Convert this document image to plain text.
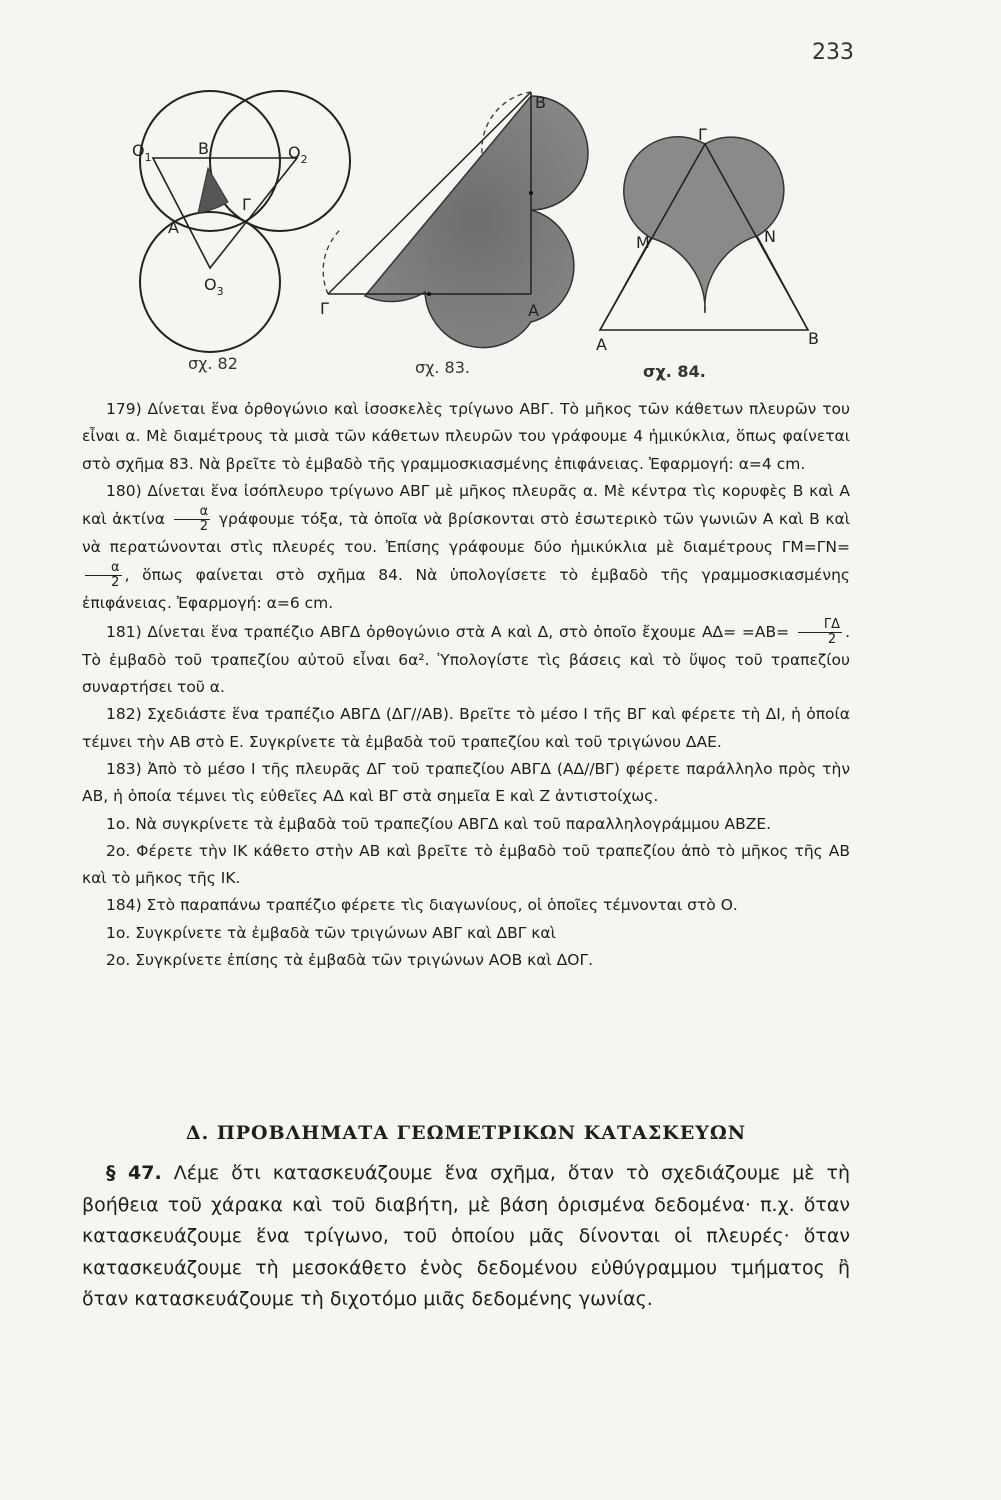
233
$O_1$	$O_2$
$O_3$
B
Γ
A
B
Γ	A
Γ
M	N
A	B
σχ. 82	σχ. 83.	σχ. 84.

179) Δίνεται ἕνα ὀρθογώνιο καὶ ἰσοσκελὲς τρίγωνο ΑΒΓ. Τὸ μῆκος τῶν κάθετων πλευρῶν του εἶναι α. Μὲ διαμέτρους τὰ μισὰ τῶν κάθετων πλευρῶν του γράφουμε 4 ἡμικύκλια, ὅπως φαίνεται στὸ σχῆμα 83. Νὰ βρεῖτε τὸ ἐμβαδὸ τῆς γραμμοσκιασμένης ἐπιφάνειας. Ἐφαρμογή: α=4 cm.

180) Δίνεται ἕνα ἰσόπλευρο τρίγωνο ΑΒΓ μὲ μῆκος πλευρᾶς α. Μὲ κέντρα τὶς κορυφὲς Β καὶ Α καὶ ἀκτίνα $\frac{\alpha}{2}$ γράφουμε τόξα, τὰ ὁποῖα νὰ βρίσκονται στὸ ἐσωτερικὸ τῶν γωνιῶν Α καὶ Β καὶ νὰ περατώνονται στὶς πλευρές του. Ἐπίσης γράφουμε δύο ἡμικύκλια μὲ διαμέτρους ΓΜ=ΓΝ=
$\frac{\alpha}{2}$ , ὅπως φαίνεται στὸ σχῆμα 84. Νὰ ὑπολογίσετε τὸ ἐμβαδὸ τῆς γραμμοσκιασμένης ἐπιφάνειας. Ἐφαρμογή: α=6 cm.

181) Δίνεται ἕνα τραπέζιο ΑΒΓΔ ὀρθογώνιο στὰ Α καὶ Δ, στὸ ὁποῖο ἔχουμε $A\Delta= =AB= \frac{\Gamma\Delta}{2}$ . Τὸ ἐμβαδὸ τοῦ τραπεζίου αὐτοῦ εἶναι 6α². Ὑπολογίστε τὶς βάσεις καὶ τὸ ὕψος τοῦ τραπεζίου συναρτήσει τοῦ α.

182) Σχεδιάστε ἕνα τραπέζιο ΑΒΓΔ (ΔΓ//ΑΒ). Βρεῖτε τὸ μέσο Ι τῆς ΒΓ καὶ φέρετε τὴ ΔΙ, ἡ ὁποία τέμνει τὴν ΑΒ στὸ Ε. Συγκρίνετε τὰ ἐμβαδὰ τοῦ τραπεζίου καὶ τοῦ τριγώνου ΔΑΕ.

183) Ἀπὸ τὸ μέσο Ι τῆς πλευρᾶς ΔΓ τοῦ τραπεζίου ΑΒΓΔ (ΑΔ//ΒΓ) φέρετε παράλληλο πρὸς τὴν ΑΒ, ἡ ὁποία τέμνει τὶς εὐθεῖες ΑΔ καὶ ΒΓ στὰ σημεῖα Ε καὶ Ζ ἀντιστοίχως.

1ο. Νὰ συγκρίνετε τὰ ἐμβαδὰ τοῦ τραπεζίου ΑΒΓΔ καὶ τοῦ παραλληλογράμμου ΑΒΖΕ.

2ο. Φέρετε τὴν ΙΚ κάθετο στὴν ΑΒ καὶ βρεῖτε τὸ ἐμβαδὸ τοῦ τραπεζίου ἀπὸ τὸ μῆκος τῆς ΑΒ καὶ τὸ μῆκος τῆς ΙΚ.

184) Στὸ παραπάνω τραπέζιο φέρετε τὶς διαγωνίους, οἱ ὁποῖες τέμνονται στὸ Ο.

1ο. Συγκρίνετε τὰ ἐμβαδὰ τῶν τριγώνων ΑΒΓ καὶ ΔΒΓ καὶ

2ο. Συγκρίνετε ἐπίσης τὰ ἐμβαδὰ τῶν τριγώνων ΑΟΒ καὶ ΔΟΓ.

Δ. ΠΡΟΒΛΗΜΑΤΑ ΓΕΩΜΕΤΡΙΚΩΝ ΚΑΤΑΣΚΕΥΩΝ

§ 47. Λέμε ὅτι κατασκευάζουμε ἕνα σχῆμα, ὅταν τὸ σχεδιάζουμε μὲ τὴ βοήθεια τοῦ χάρακα καὶ τοῦ διαβήτη, μὲ βάση ὁρισμένα δεδομένα· π.χ. ὅταν κατασκευάζουμε ἕνα τρίγωνο, τοῦ ὁποίου μᾶς δίνονται οἱ πλευρές· ὅταν κατασκευάζουμε τὴ μεσοκάθετο ἑνὸς δεδομένου εὐθύγραμμου τμήματος ἢ ὅταν κατασκευάζουμε τὴ διχοτόμο μιᾶς δεδομένης γωνίας.
